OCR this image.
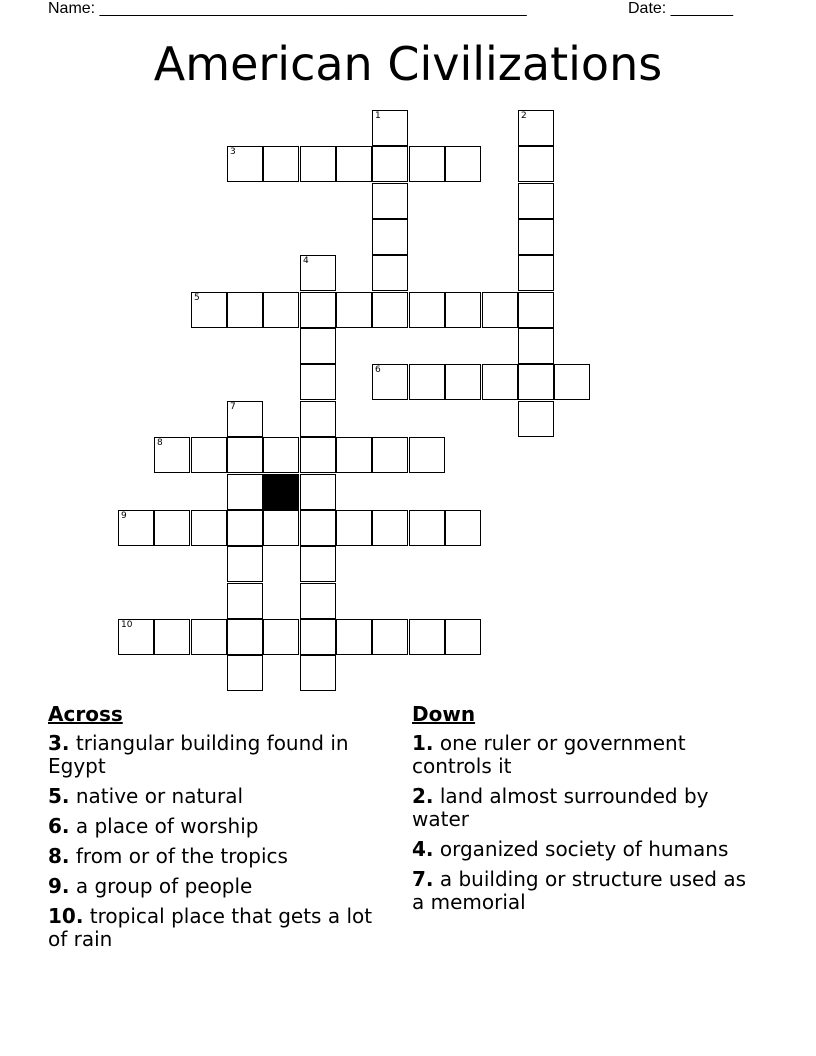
Name: ________________________________________________	Date: _______
American Civilizations
1	2
3
4
5
6
7
8
9
10
Across
3. triangular building found in Egypt
5. native or natural
6. a place of worship
8. from or of the tropics
9. a group of people
10. tropical place that gets a lot of rain
Down
1. one ruler or government controls it
2. land almost surrounded by water
4. organized society of humans
7. a building or structure used as a memorial
